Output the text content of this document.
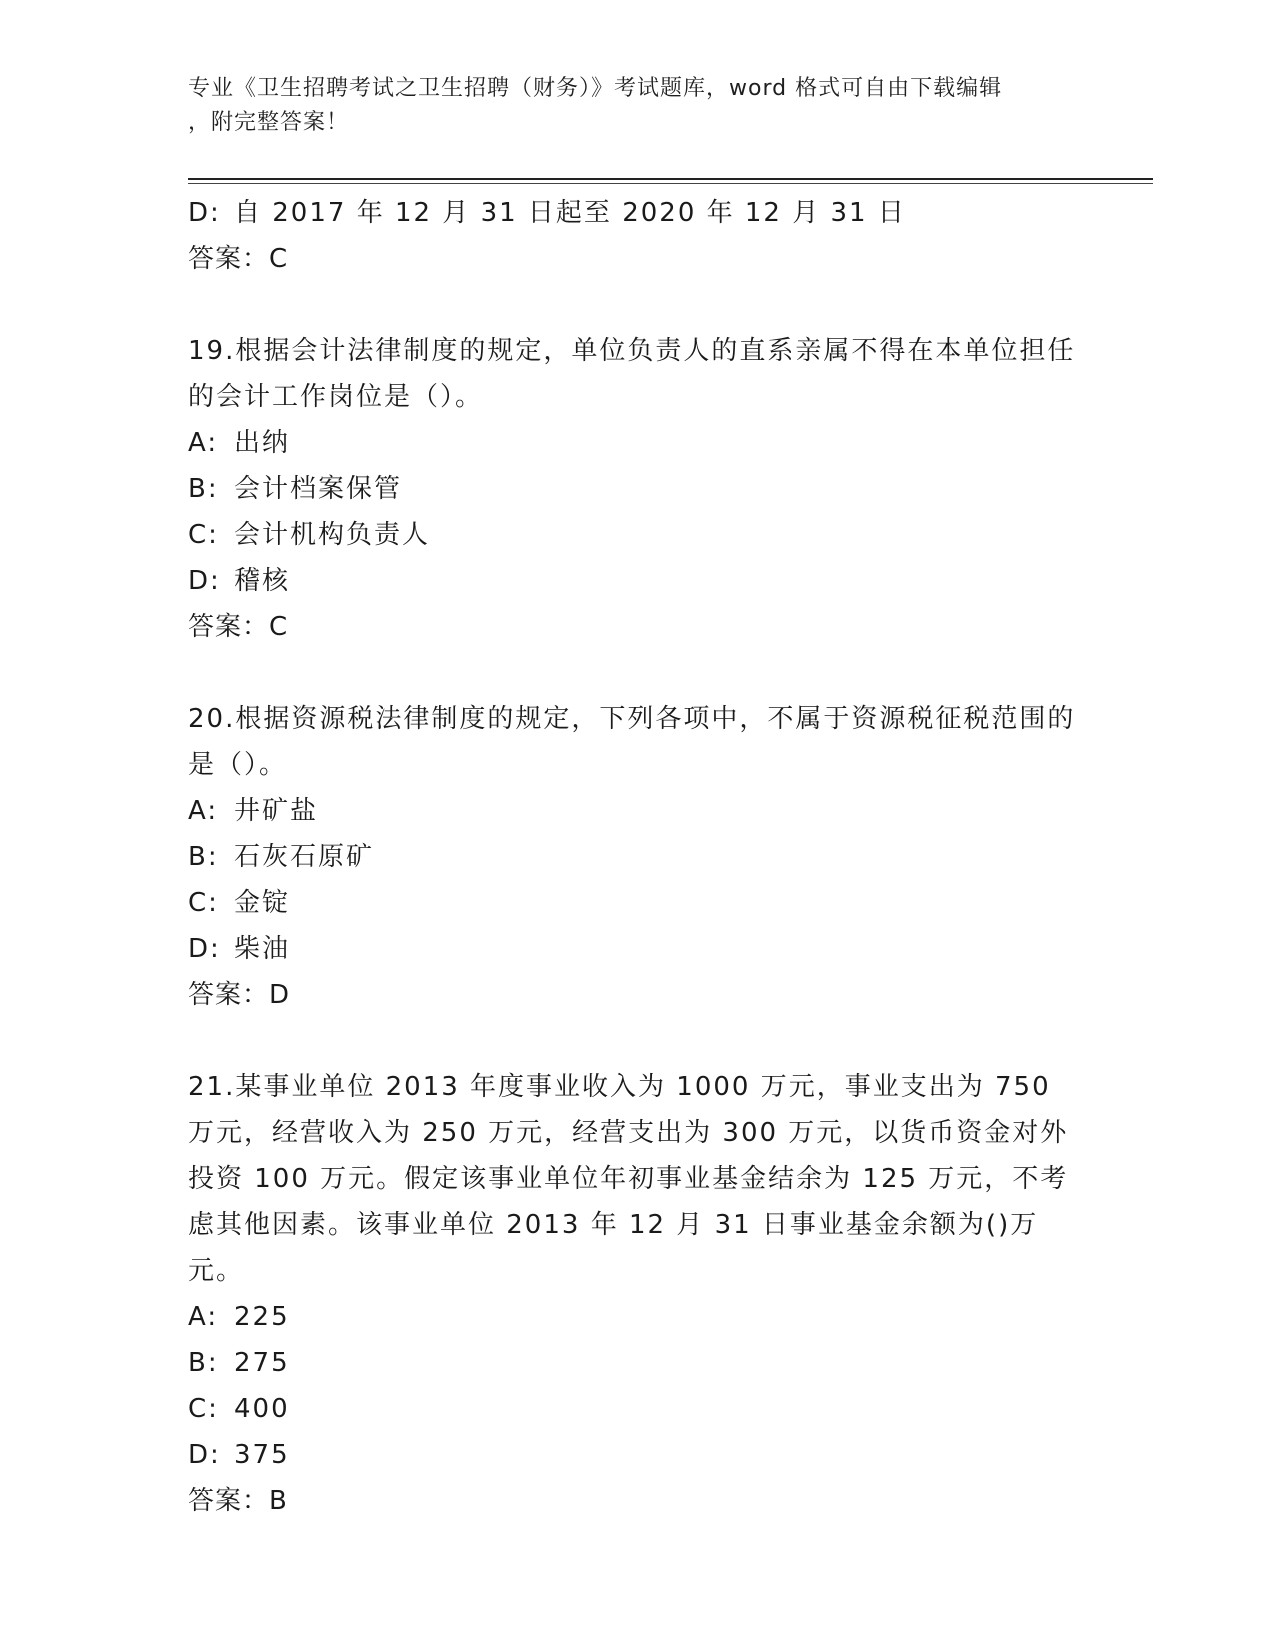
专业《卫生招聘考试之卫生招聘（财务）》考试题库，word 格式可自由下载编辑
，附完整答案！
D: 自 2017 年 12 月 31 日起至 2020 年 12 月 31 日
答案：C
19.根据会计法律制度的规定，单位负责人的直系亲属不得在本单位担任的会计工作岗位是（）。
A: 出纳
B: 会计档案保管
C: 会计机构负责人
D: 稽核
答案：C
20.根据资源税法律制度的规定，下列各项中，不属于资源税征税范围的是（）。
A: 井矿盐
B: 石灰石原矿
C: 金锭
D: 柴油
答案：D
21.某事业单位 2013 年度事业收入为 1000 万元，事业支出为 750 万元，经营收入为 250 万元，经营支出为 300 万元，以货币资金对外投资 100 万元。假定该事业单位年初事业基金结余为 125 万元，不考虑其他因素。该事业单位 2013 年 12 月 31 日事业基金余额为()万元。
A: 225
B: 275
C: 400
D: 375
答案：B
